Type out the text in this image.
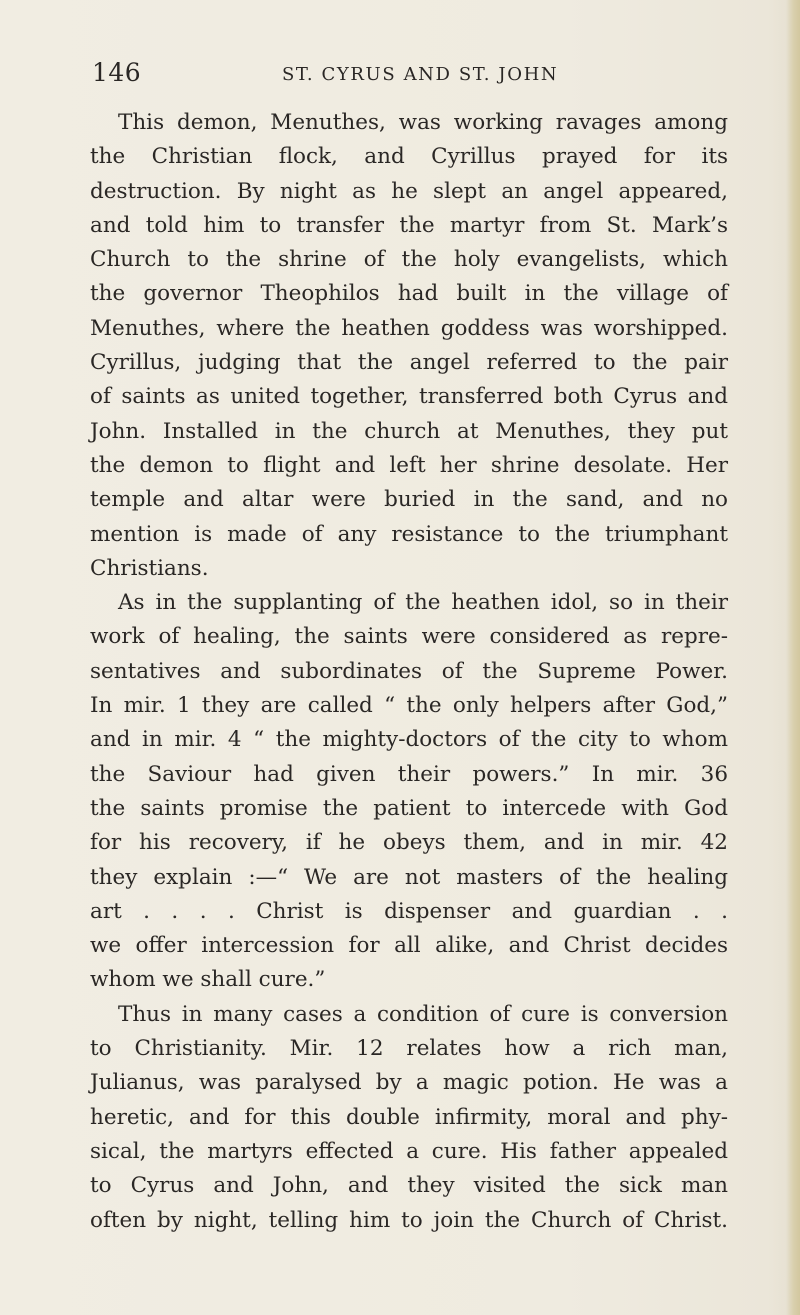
146	ST. CYRUS AND ST. JOHN
This demon, Menuthes, was working ravages among
the Christian flock, and Cyrillus prayed for its
destruction. By night as he slept an angel appeared,
and told him to transfer the martyr from St. Mark’s
Church to the shrine of the holy evangelists, which
the governor Theophilos had built in the village of
Menuthes, where the heathen goddess was worshipped.
Cyrillus, judging that the angel referred to the pair
of saints as united together, transferred both Cyrus and
John. Installed in the church at Menuthes, they put
the demon to flight and left her shrine desolate. Her
temple and altar were buried in the sand, and no
mention is made of any resistance to the triumphant
Christians.
As in the supplanting of the heathen idol, so in their
work of healing, the saints were considered as repre-
sentatives and subordinates of the Supreme Power.
In mir. 1 they are called “ the only helpers after God,”
and in mir. 4 “ the mighty-doctors of the city to whom
the Saviour had given their powers.” In mir. 36
the saints promise the patient to intercede with God
for his recovery, if he obeys them, and in mir. 42
they explain :—“ We are not masters of the healing
art . . . . Christ is dispenser and guardian . .
we offer intercession for all alike, and Christ decides
whom we shall cure.”
Thus in many cases a condition of cure is conversion
to Christianity. Mir. 12 relates how a rich man,
Julianus, was paralysed by a magic potion. He was a
heretic, and for this double infirmity, moral and phy-
sical, the martyrs effected a cure. His father appealed
to Cyrus and John, and they visited the sick man
often by night, telling him to join the Church of Christ.
